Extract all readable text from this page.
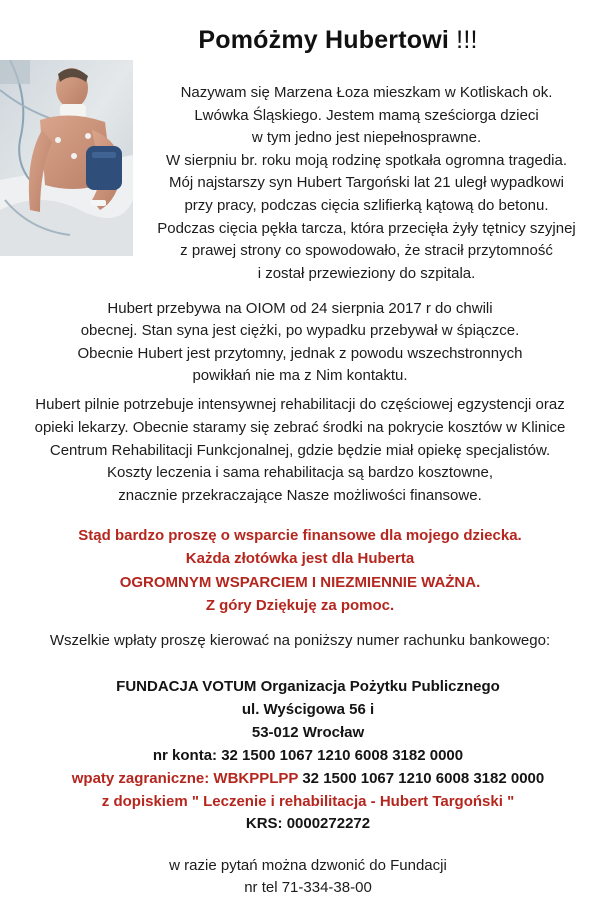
Pomóżmy Hubertowi !!!
Nazywam się Marzena Łoza mieszkam w Kotliskach ok.
Lwówka Śląskiego. Jestem mamą sześciorga dzieci
w tym jedno jest niepełnosprawne.
W sierpniu br. roku moją rodzinę spotkała ogromna tragedia.
Mój najstarszy syn Hubert Targoński lat 21 uległ wypadkowi
przy pracy, podczas cięcia szlifierką kątową do betonu.
Podczas cięcia pękła tarcza, która przecięła żyły tętnicy szyjnej
z prawej strony co spowodowało, że stracił przytomność
i został przewieziony do szpitala.
Hubert przebywa na OIOM od 24 sierpnia 2017 r do chwili
obecnej. Stan syna jest ciężki, po wypadku przebywał w śpiączce.
Obecnie Hubert jest przytomny, jednak z powodu wszechstronnych
powikłań nie ma z Nim kontaktu.
Hubert pilnie potrzebuje intensywnej rehabilitacji do częściowej egzystencji oraz
opieki lekarzy. Obecnie staramy się zebrać środki na pokrycie kosztów w Klinice
Centrum Rehabilitacji Funkcjonalnej, gdzie będzie miał opiekę specjalistów.
Koszty leczenia i sama rehabilitacja są bardzo kosztowne,
znacznie przekraczające Nasze możliwości finansowe.
Stąd bardzo proszę o wsparcie finansowe dla mojego dziecka.
Każda złotówka jest dla Huberta
OGROMNYM WSPARCIEM I NIEZMIENNIE WAŻNA.
Z góry Dziękuję za pomoc.
Wszelkie wpłaty proszę kierować na poniższy numer rachunku bankowego:
FUNDACJA VOTUM Organizacja Pożytku Publicznego
ul. Wyścigowa 56 i
53-012 Wrocław
nr konta: 32 1500 1067 1210 6008 3182 0000
wpaty zagraniczne: WBKPPLPP 32 1500 1067 1210 6008 3182 0000
z dopiskiem " Leczenie i rehabilitacja - Hubert Targoński "
KRS: 0000272272
w razie pytań można dzwonić do Fundacji
nr tel 71-334-38-00
